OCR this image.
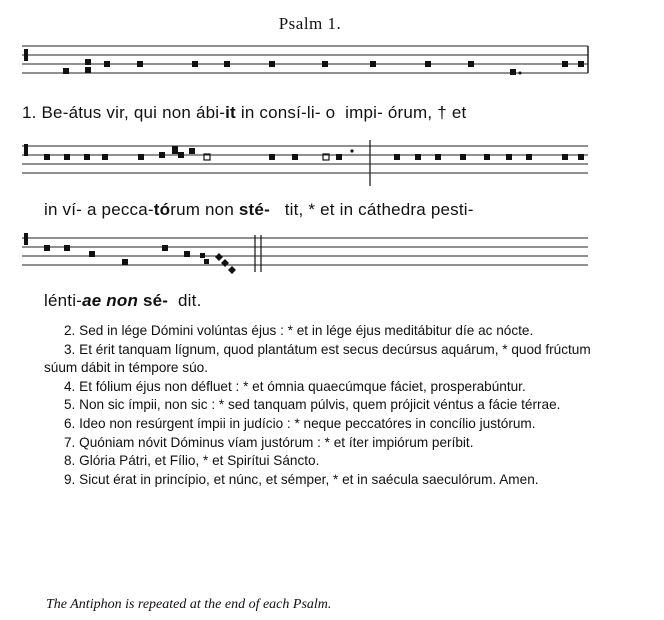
Psalm 1.
1. Be-átus vir, qui non ábi-it in consí-li- o  impi- órum, † et
in ví- a pecca-tórum non sté-   tit, * et in cáthedra pesti-
lénti-ae non sé-  dit.

2. Sed in lége Dómini volúntas éjus : * et in lége éjus meditábitur díe ac nócte.

3. Et érit tanquam lígnum, quod plantátum est secus decúrsus aquárum, * quod frúctum súum dábit in témpore súo.

4. Et fólium éjus non défluet : * et ómnia quaecúmque fáciet, prosperabúntur.

5. Non sic ímpii, non sic : * sed tanquam púlvis, quem prójicit véntus a fácie térrae.

6. Ideo non resúrgent ímpii in judício : * neque peccatóres in concílio justórum.

7. Quóniam nóvit Dóminus víam justórum : * et íter impiórum períbit.

8. Glória Pátri, et Fílio, * et Spirítui Sáncto.

9. Sicut érat in princípio, et núnc, et sémper, * et in saécula saeculórum. Amen.

The Antiphon is repeated at the end of each Psalm.
